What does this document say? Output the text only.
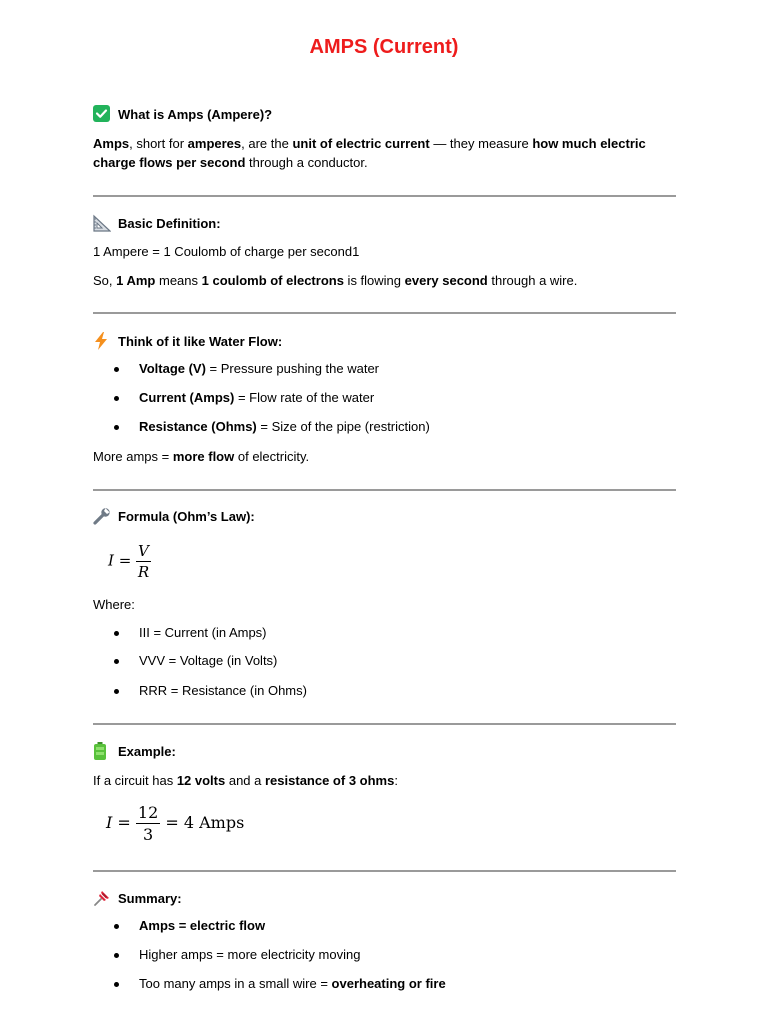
AMPS (Current)
What is Amps (Ampere)?
Amps, short for amperes, are the unit of electric current — they measure how much electric charge flows per second through a conductor.
Basic Definition:
1 Ampere = 1 Coulomb of charge per second1
So, 1 Amp means 1 coulomb of electrons is flowing every second through a wire.
Think of it like Water Flow:
Voltage (V) = Pressure pushing the water
Current (Amps) = Flow rate of the water
Resistance (Ohms) = Size of the pipe (restriction)
More amps = more flow of electricity.
Formula (Ohm’s Law):
$I = \frac{V}{R}$
Where:
III = Current (in Amps)
VVV = Voltage (in Volts)
RRR = Resistance (in Ohms)
Example:
If a circuit has 12 volts and a resistance of 3 ohms:
$I = \frac{12}{3} = 4$ Amps
Summary:
Amps = electric flow
Higher amps = more electricity moving
Too many amps in a small wire = overheating or fire
